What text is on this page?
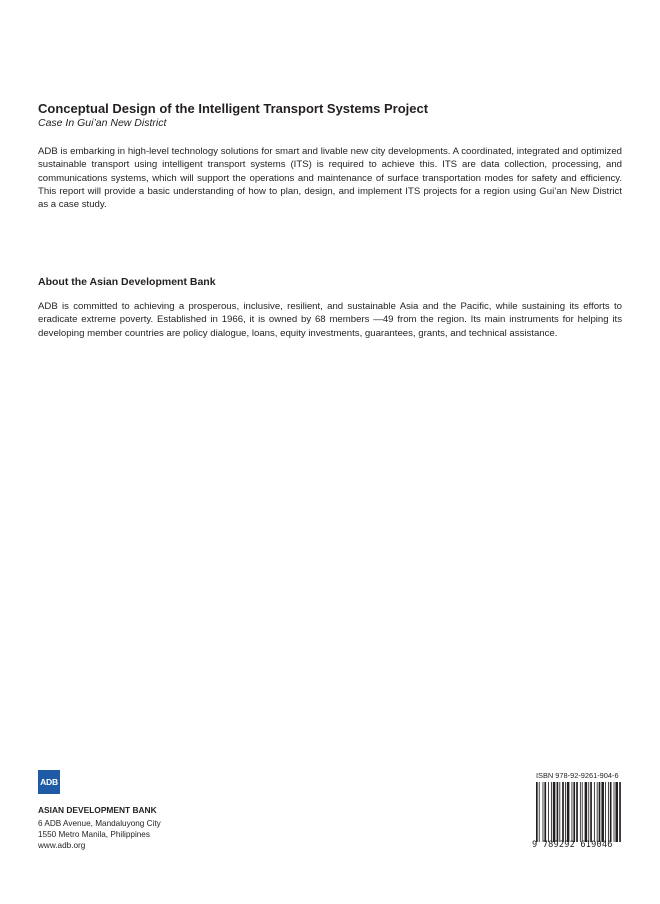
Conceptual Design of the Intelligent Transport Systems Project
Case In Gui’an New District

ADB is embarking in high-level technology solutions for smart and livable new city developments. A coordinated, integrated and optimized sustainable transport using intelligent transport systems (ITS) is required to achieve this. ITS are data collection, processing, and communications systems, which will support the operations and maintenance of surface transportation modes for safety and efficiency. This report will provide a basic understanding of how to plan, design, and implement ITS projects for a region using Gui’an New District as a case study.

About the Asian Development Bank

ADB is committed to achieving a prosperous, inclusive, resilient, and sustainable Asia and the Pacific, while sustaining its efforts to eradicate extreme poverty. Established in 1966, it is owned by 68 members —49 from the region. Its main instruments for helping its developing member countries are policy dialogue, loans, equity investments, guarantees, grants, and technical assistance.

ADB
ASIAN DEVELOPMENT BANK
6 ADB Avenue, Mandaluyong City
1550 Metro Manila, Philippines
www.adb.org
ISBN 978-92-9261-904-6
9 789292 619046
